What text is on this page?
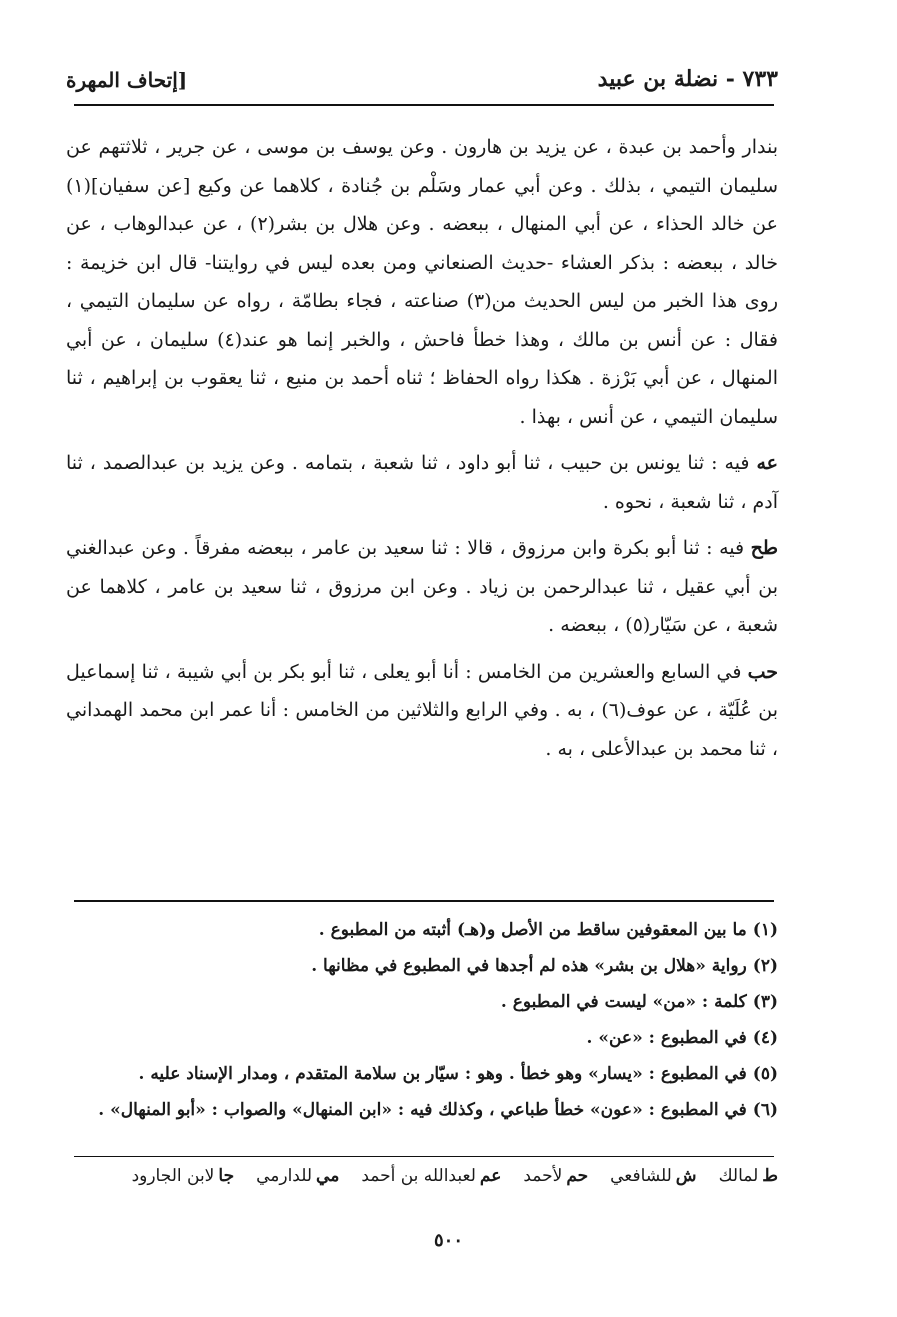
٧٣٣ - نضلة بن عبيد
[إتحاف المهرة

بندار وأحمد بن عبدة ، عن يزيد بن هارون . وعن يوسف بن موسى ، عن جرير ، ثلاثتهم عن سليمان التيمي ، بذلك . وعن أبي عمار وسَلْم بن جُنادة ، كلاهما عن وكيع [عن سفيان](١) عن خالد الحذاء ، عن أبي المنهال ، ببعضه . وعن هلال بن بشر(٢) ، عن عبدالوهاب ، عن خالد ، ببعضه : بذكر العشاء -حديث الصنعاني ومن بعده ليس في روايتنا- قال ابن خزيمة : روى هذا الخبر من ليس الحديث من(٣) صناعته ، فجاء بطامّة ، رواه عن سليمان التيمي ، فقال : عن أنس بن مالك ، وهذا خطأ فاحش ، والخبر إنما هو عند(٤) سليمان ، عن أبي المنهال ، عن أبي بَرْزة . هكذا رواه الحفاظ ؛ ثناه أحمد بن منيع ، ثنا يعقوب بن إبراهيم ، ثنا سليمان التيمي ، عن أنس ، بهذا .

عه فيه : ثنا يونس بن حبيب ، ثنا أبو داود ، ثنا شعبة ، بتمامه . وعن يزيد بن عبدالصمد ، ثنا آدم ، ثنا شعبة ، نحوه .

طح فيه : ثنا أبو بكرة وابن مرزوق ، قالا : ثنا سعيد بن عامر ، ببعضه مفرقاً . وعن عبدالغني بن أبي عقيل ، ثنا عبدالرحمن بن زياد . وعن ابن مرزوق ، ثنا سعيد بن عامر ، كلاهما عن شعبة ، عن سَيّار(٥) ، ببعضه .

حب في السابع والعشرين من الخامس : أنا أبو يعلى ، ثنا أبو بكر بن أبي شيبة ، ثنا إسماعيل بن عُلَيّة ، عن عوف(٦) ، به . وفي الرابع والثلاثين من الخامس : أنا عمر ابن محمد الهمداني ، ثنا محمد بن عبدالأعلى ، به .

(١)ما بين المعقوفين ساقط من الأصل و(هـ) أثبته من المطبوع .
(٢)رواية «هلال بن بشر» هذه لم أجدها في المطبوع في مظانها .
(٣)كلمة : «من» ليست في المطبوع .
(٤)في المطبوع : «عن» .
(٥)في المطبوع : «يسار» وهو خطأ . وهو : سيّار بن سلامة المتقدم ، ومدار الإسناد عليه .
(٦)في المطبوع : «عون» خطأ طباعي ، وكذلك فيه : «ابن المنهال» والصواب : «أبو المنهال» .
ط
لمالك
ش
للشافعي
حم
لأحمد
عم
لعبدالله بن أحمد
مي
للدارمي
جا
لابن الجارود
٥٠٠
